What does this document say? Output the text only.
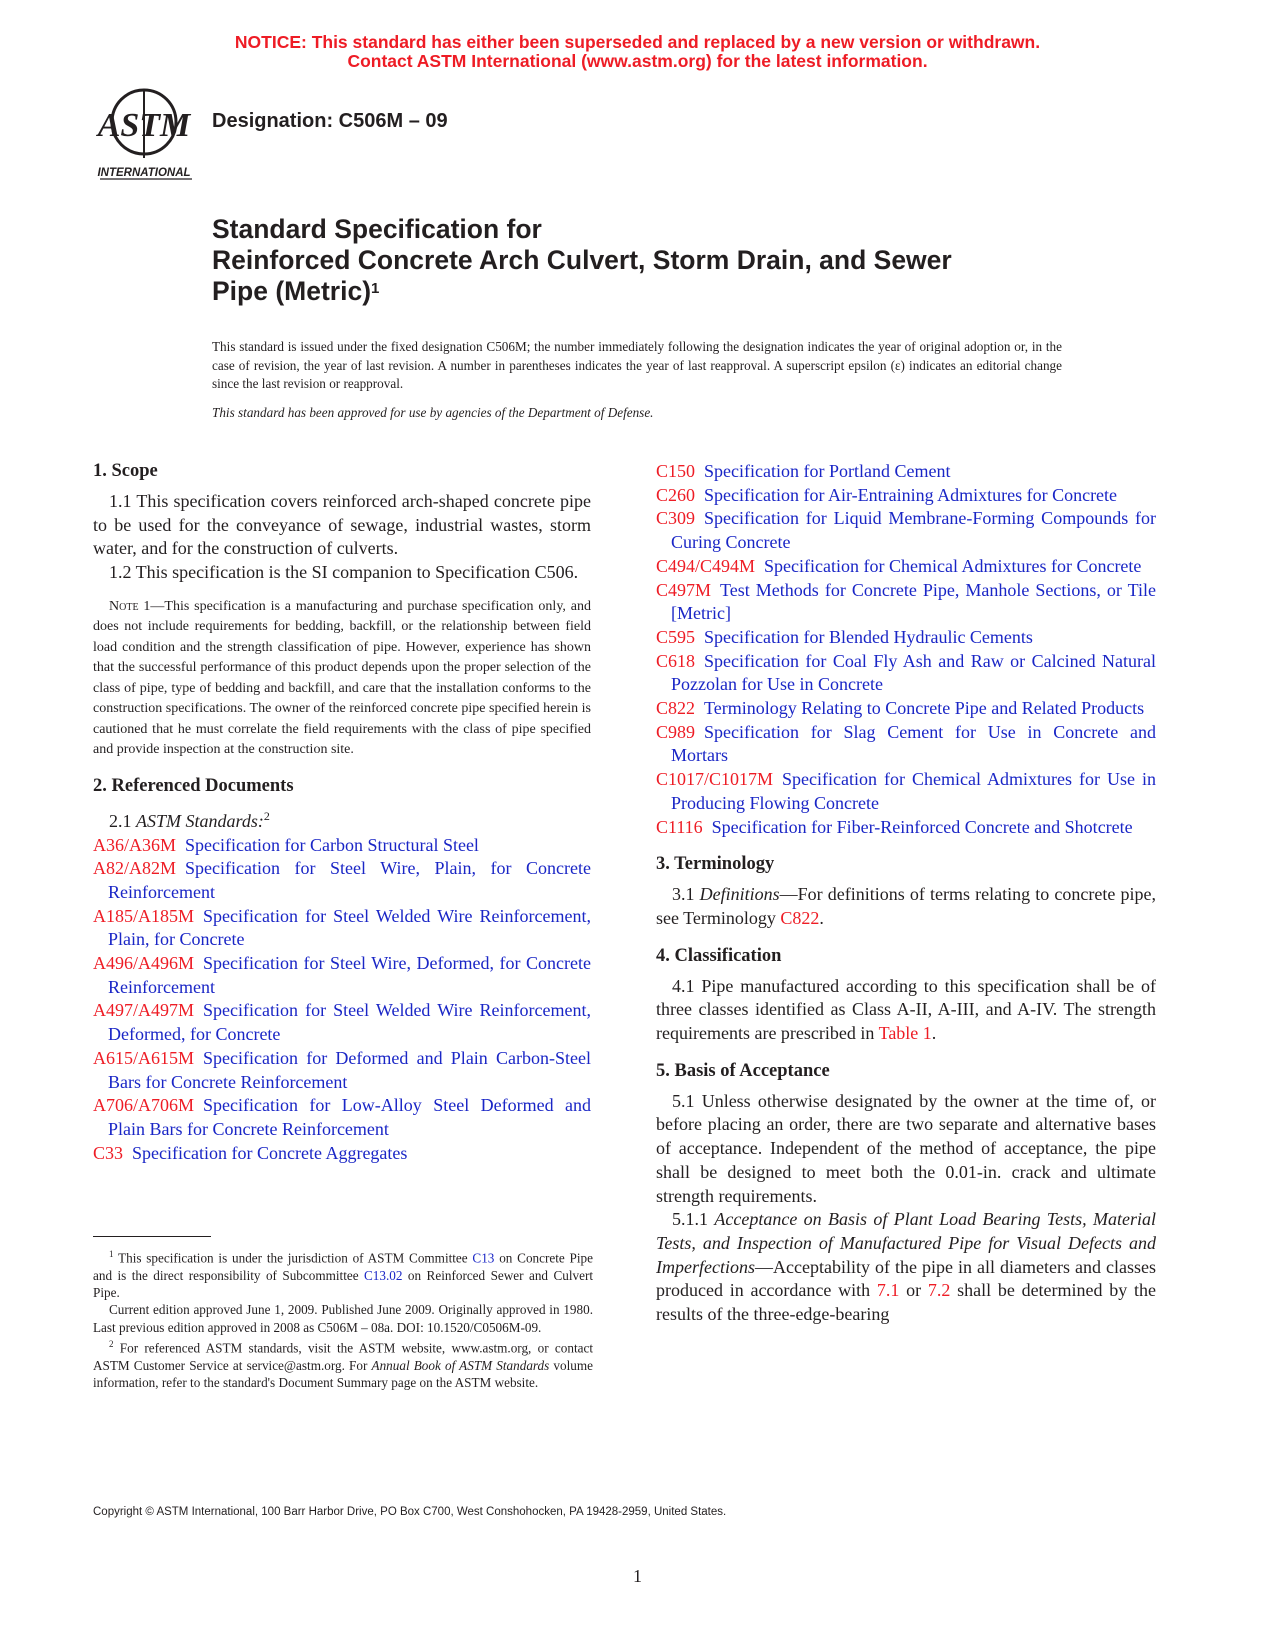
NOTICE: This standard has either been superseded and replaced by a new version or withdrawn.
Contact ASTM International (www.astm.org) for the latest information.
ASTM
INTERNATIONAL
Designation: C506M – 09
Standard Specification for
Reinforced Concrete Arch Culvert, Storm Drain, and Sewer
Pipe (Metric)$^1$
This standard is issued under the fixed designation C506M; the number immediately following the designation indicates the year of original adoption or, in the case of revision, the year of last revision. A number in parentheses indicates the year of last reapproval. A superscript epsilon (ε) indicates an editorial change since the last revision or reapproval.
This standard has been approved for use by agencies of the Department of Defense.
1. Scope

1.1 This specification covers reinforced arch-shaped concrete pipe to be used for the conveyance of sewage, industrial wastes, storm water, and for the construction of culverts.

1.2 This specification is the SI companion to Specification C506.

Note 1—This specification is a manufacturing and purchase specification only, and does not include requirements for bedding, backfill, or the relationship between field load condition and the strength classification of pipe. However, experience has shown that the successful performance of this product depends upon the proper selection of the class of pipe, type of bedding and backfill, and care that the installation conforms to the construction specifications. The owner of the reinforced concrete pipe specified herein is cautioned that he must correlate the field requirements with the class of pipe specified and provide inspection at the construction site.
2. Referenced Documents

2.1 ASTM Standards:$^2$

A36/A36M  Specification for Carbon Structural Steel
A82/A82M  Specification for Steel Wire, Plain, for Concrete Reinforcement
A185/A185M  Specification for Steel Welded Wire Reinforcement, Plain, for Concrete
A496/A496M  Specification for Steel Wire, Deformed, for Concrete Reinforcement
A497/A497M  Specification for Steel Welded Wire Reinforcement, Deformed, for Concrete
A615/A615M  Specification for Deformed and Plain Carbon-Steel Bars for Concrete Reinforcement
A706/A706M  Specification for Low-Alloy Steel Deformed and Plain Bars for Concrete Reinforcement
C33  Specification for Concrete Aggregates
C150  Specification for Portland Cement
C260  Specification for Air-Entraining Admixtures for Concrete
C309  Specification for Liquid Membrane-Forming Compounds for Curing Concrete
C494/C494M  Specification for Chemical Admixtures for Concrete
C497M  Test Methods for Concrete Pipe, Manhole Sections, or Tile [Metric]
C595  Specification for Blended Hydraulic Cements
C618  Specification for Coal Fly Ash and Raw or Calcined Natural Pozzolan for Use in Concrete
C822  Terminology Relating to Concrete Pipe and Related Products
C989  Specification for Slag Cement for Use in Concrete and Mortars
C1017/C1017M  Specification for Chemical Admixtures for Use in Producing Flowing Concrete
C1116  Specification for Fiber-Reinforced Concrete and Shotcrete
3. Terminology

3.1 Definitions—For definitions of terms relating to concrete pipe, see Terminology C822.

4. Classification

4.1 Pipe manufactured according to this specification shall be of three classes identified as Class A-II, A-III, and A-IV. The strength requirements are prescribed in Table 1.

5. Basis of Acceptance

5.1 Unless otherwise designated by the owner at the time of, or before placing an order, there are two separate and alternative bases of acceptance. Independent of the method of acceptance, the pipe shall be designed to meet both the 0.01-in. crack and ultimate strength requirements.

5.1.1 Acceptance on Basis of Plant Load Bearing Tests, Material Tests, and Inspection of Manufactured Pipe for Visual Defects and Imperfections—Acceptability of the pipe in all diameters and classes produced in accordance with 7.1 or 7.2 shall be determined by the results of the three-edge-bearing

$^1$ This specification is under the jurisdiction of ASTM Committee C13 on Concrete Pipe and is the direct responsibility of Subcommittee C13.02 on Reinforced Sewer and Culvert Pipe.

Current edition approved June 1, 2009. Published June 2009. Originally approved in 1980. Last previous edition approved in 2008 as C506M – 08a. DOI: 10.1520/C0506M-09.

$^2$ For referenced ASTM standards, visit the ASTM website, www.astm.org, or contact ASTM Customer Service at service@astm.org. For Annual Book of ASTM Standards volume information, refer to the standard's Document Summary page on the ASTM website.

Copyright © ASTM International, 100 Barr Harbor Drive, PO Box C700, West Conshohocken, PA 19428-2959, United States.
1
